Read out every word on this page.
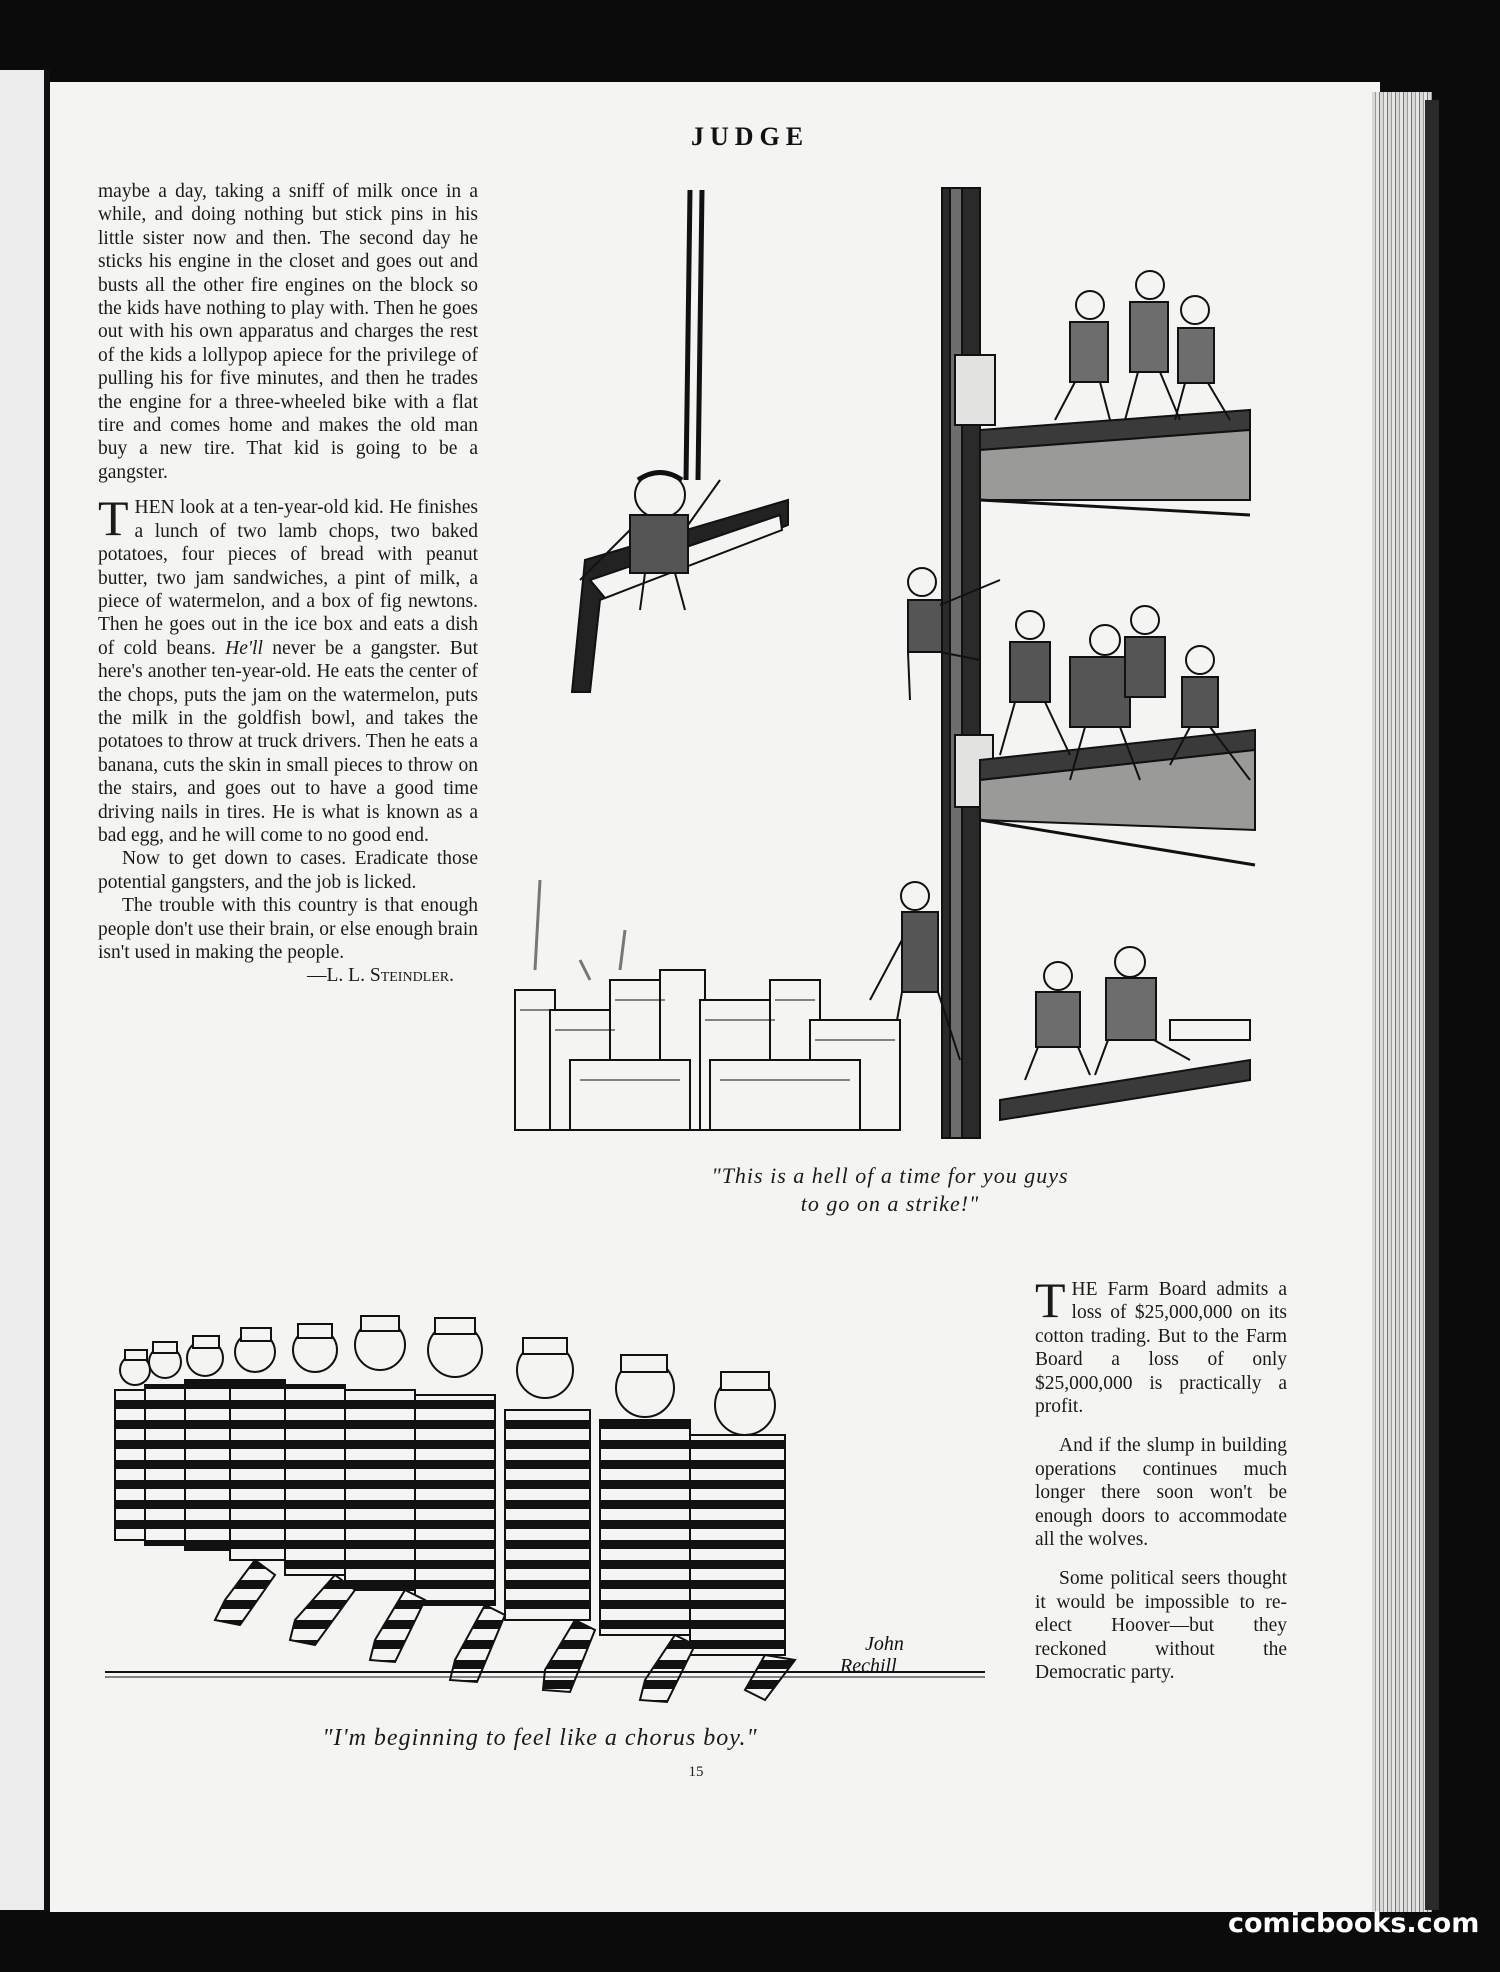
JUDGE

maybe a day, taking a sniff of milk once in a while, and doing nothing but stick pins in his little sister now and then. The second day he sticks his engine in the closet and goes out and busts all the other fire engines on the block so the kids have nothing to play with. Then he goes out with his own apparatus and charges the rest of the kids a lollypop apiece for the privilege of pulling his for five minutes, and then he trades the engine for a three-wheeled bike with a flat tire and comes home and makes the old man buy a new tire. That kid is going to be a gangster.

THEN look at a ten-year-old kid. He finishes a lunch of two lamb chops, two baked potatoes, four pieces of bread with peanut butter, two jam sandwiches, a pint of milk, a piece of watermelon, and a box of fig newtons. Then he goes out in the ice box and eats a dish of cold beans. He'll never be a gangster. But here's another ten-year-old. He eats the center of the chops, puts the jam on the watermelon, puts the milk in the goldfish bowl, and takes the potatoes to throw at truck drivers. Then he eats a banana, cuts the skin in small pieces to throw on the stairs, and goes out to have a good time driving nails in tires. He is what is known as a bad egg, and he will come to no good end.

Now to get down to cases. Eradicate those potential gangsters, and the job is licked.

The trouble with this country is that enough people don't use their brain, or else enough brain isn't used in making the people.

—L. L. Steindler.

"This is a hell of a time for you guys
to go on a strike!"
John
Rechill
"I'm beginning to feel like a chorus boy."

THE Farm Board admits a loss of $25,000,000 on its cotton trading. But to the Farm Board a loss of only $25,000,000 is practically a profit.

And if the slump in building operations continues much longer there soon won't be enough doors to accommodate all the wolves.

Some political seers thought it would be impossible to re-elect Hoover—but they reckoned without the Democratic party.

15
comicbooks.com
